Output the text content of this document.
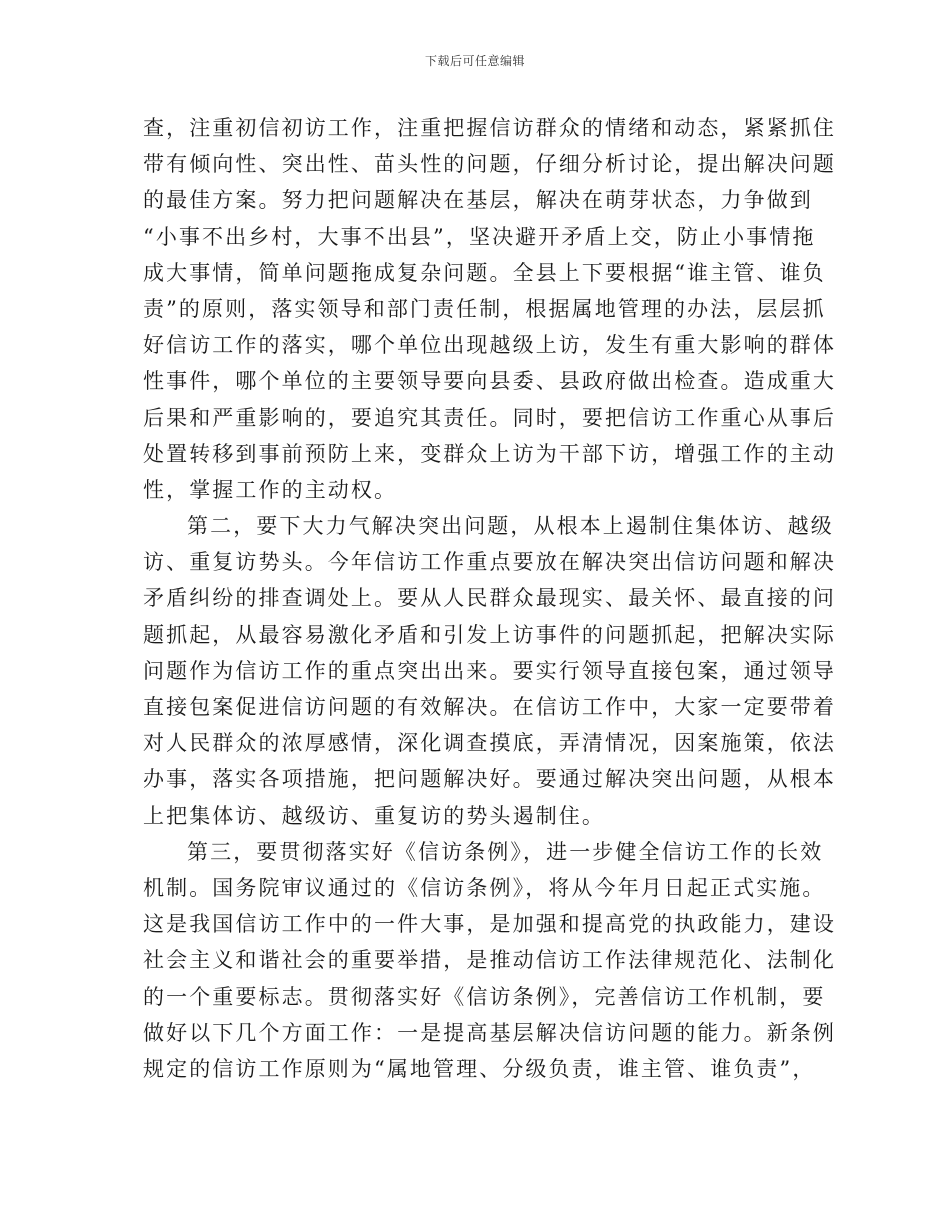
下载后可任意编辑
查，注重初信初访工作，注重把握信访群众的情绪和动态，紧紧抓住
带有倾向性、突出性、苗头性的问题，仔细分析讨论，提出解决问题
的最佳方案。努力把问题解决在基层，解决在萌芽状态，力争做到
“小事不出乡村，大事不出县”，坚决避开矛盾上交，防止小事情拖
成大事情，简单问题拖成复杂问题。全县上下要根据“谁主管、谁负
责”的原则，落实领导和部门责任制，根据属地管理的办法，层层抓
好信访工作的落实，哪个单位出现越级上访，发生有重大影响的群体
性事件，哪个单位的主要领导要向县委、县政府做出检查。造成重大
后果和严重影响的，要追究其责任。同时，要把信访工作重心从事后
处置转移到事前预防上来，变群众上访为干部下访，增强工作的主动
性，掌握工作的主动权。
第二，要下大力气解决突出问题，从根本上遏制住集体访、越级
访、重复访势头。今年信访工作重点要放在解决突出信访问题和解决
矛盾纠纷的排查调处上。要从人民群众最现实、最关怀、最直接的问
题抓起，从最容易激化矛盾和引发上访事件的问题抓起，把解决实际
问题作为信访工作的重点突出出来。要实行领导直接包案，通过领导
直接包案促进信访问题的有效解决。在信访工作中，大家一定要带着
对人民群众的浓厚感情，深化调查摸底，弄清情况，因案施策，依法
办事，落实各项措施，把问题解决好。要通过解决突出问题，从根本
上把集体访、越级访、重复访的势头遏制住。
第三，要贯彻落实好《信访条例》，进一步健全信访工作的长效
机制。国务院审议通过的《信访条例》，将从今年月日起正式实施。
这是我国信访工作中的一件大事，是加强和提高党的执政能力，建设
社会主义和谐社会的重要举措，是推动信访工作法律规范化、法制化
的一个重要标志。贯彻落实好《信访条例》，完善信访工作机制，要
做好以下几个方面工作：一是提高基层解决信访问题的能力。新条例
规定的信访工作原则为“属地管理、分级负责，谁主管、谁负责”，
